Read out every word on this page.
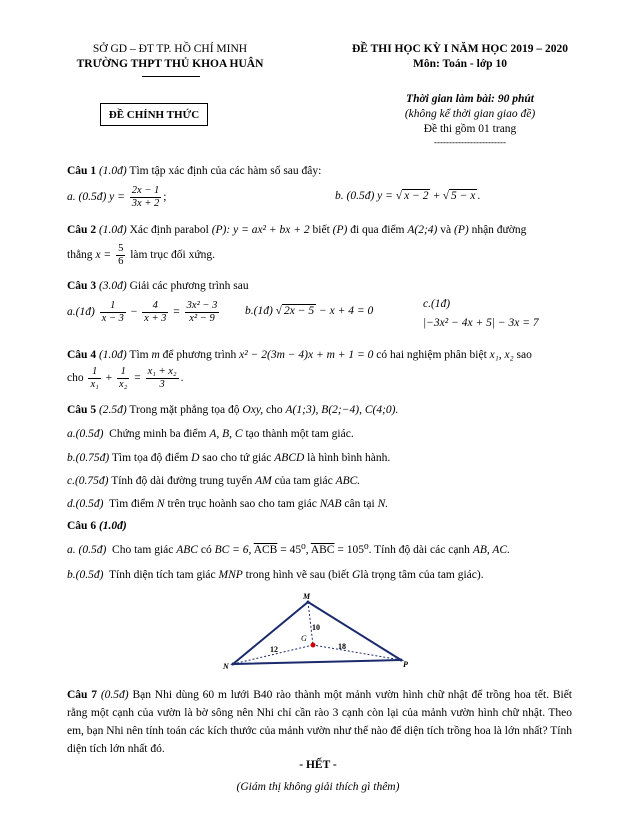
SỞ GD – ĐT TP. HỒ CHÍ MINH
TRƯỜNG THPT THỦ KHOA HUÂN
ĐỀ THI HỌC KỲ I NĂM HỌC 2019 – 2020
Môn: Toán - lớp 10
ĐỀ CHÍNH THỨC
Thời gian làm bài: 90 phút
(không kể thời gian giao đề)
Đề thi gồm 01 trang
------------------------
Câu 1 (1.0đ) Tìm tập xác định của các hàm số sau đây:
a. (0.5đ) $y = \frac{2x - 1}{3x + 2}$ ;	b. (0.5đ) y = √ x − 2 + √ 5 − x .
Câu 2 (1.0đ) Xác định parabol (P): y = ax² + bx + 2 biết (P) đi qua điểm A(2;4) và (P) nhận đường
thẳng $x = \frac{5}{6}$ làm trục đối xứng.
Câu 3 (3.0đ) Giải các phương trình sau
a.(1đ) $\frac{1}{x - 3} - \frac{4}{x + 3} = \frac{\text{3x² − 3}}{\text{x² − 9}}$ b.(1đ) √ 2x − 5 − x + 4 = 0
c.(1đ)
|−3x² − 4x + 5| − 3x = 7
Câu 4 (1.0đ) Tìm m để phương trình x² − 2(3m − 4)x + m + 1 = 0 có hai nghiệm phân biệt x₁, x₂ sao
cho $\frac{1}{\text{x₁}} + \frac{1}{\text{x₂}} = \frac{\text{x₁ + x₂}}{3}$ .
Câu 5 (2.5đ) Trong mặt phẳng tọa độ Oxy, cho A(1;3), B(2;−4), C(4;0).
a.(0.5đ) Chứng minh ba điểm A, B, C tạo thành một tam giác.
b.(0.75đ) Tìm tọa độ điểm D sao cho tứ giác ABCD là hình bình hành.
c.(0.75đ) Tính độ dài đường trung tuyến AM của tam giác ABC.
d.(0.5đ) Tìm điểm N trên trục hoành sao cho tam giác NAB cân tại N.
Câu 6 (1.0đ)
a. (0.5đ) Cho tam giác ABC có BC = 6, $\overline{ACB} = 45^0$, $\overline{ABC} = 105^0$. Tính độ dài các cạnh AB, AC.
b.(0.5đ) Tính diện tích tam giác MNP trong hình vẽ sau (biết Glà trọng tâm của tam giác).
M
N	P
G
10
12	18
Câu 7 (0.5đ) Bạn Nhi dùng 60 m lưới B40 rào thành một mảnh vườn hình chữ nhật để trồng hoa tết. Biết rằng một cạnh của vườn là bờ sông nên Nhi chỉ cần rào 3 cạnh còn lại của mảnh vườn hình chữ nhật. Theo em, bạn Nhi nên tính toán các kích thước của mảnh vườn như thế nào để diện tích trồng hoa là lớn nhất? Tính diện tích lớn nhất đó.
- HẾT -
(Giám thị không giải thích gì thêm)
